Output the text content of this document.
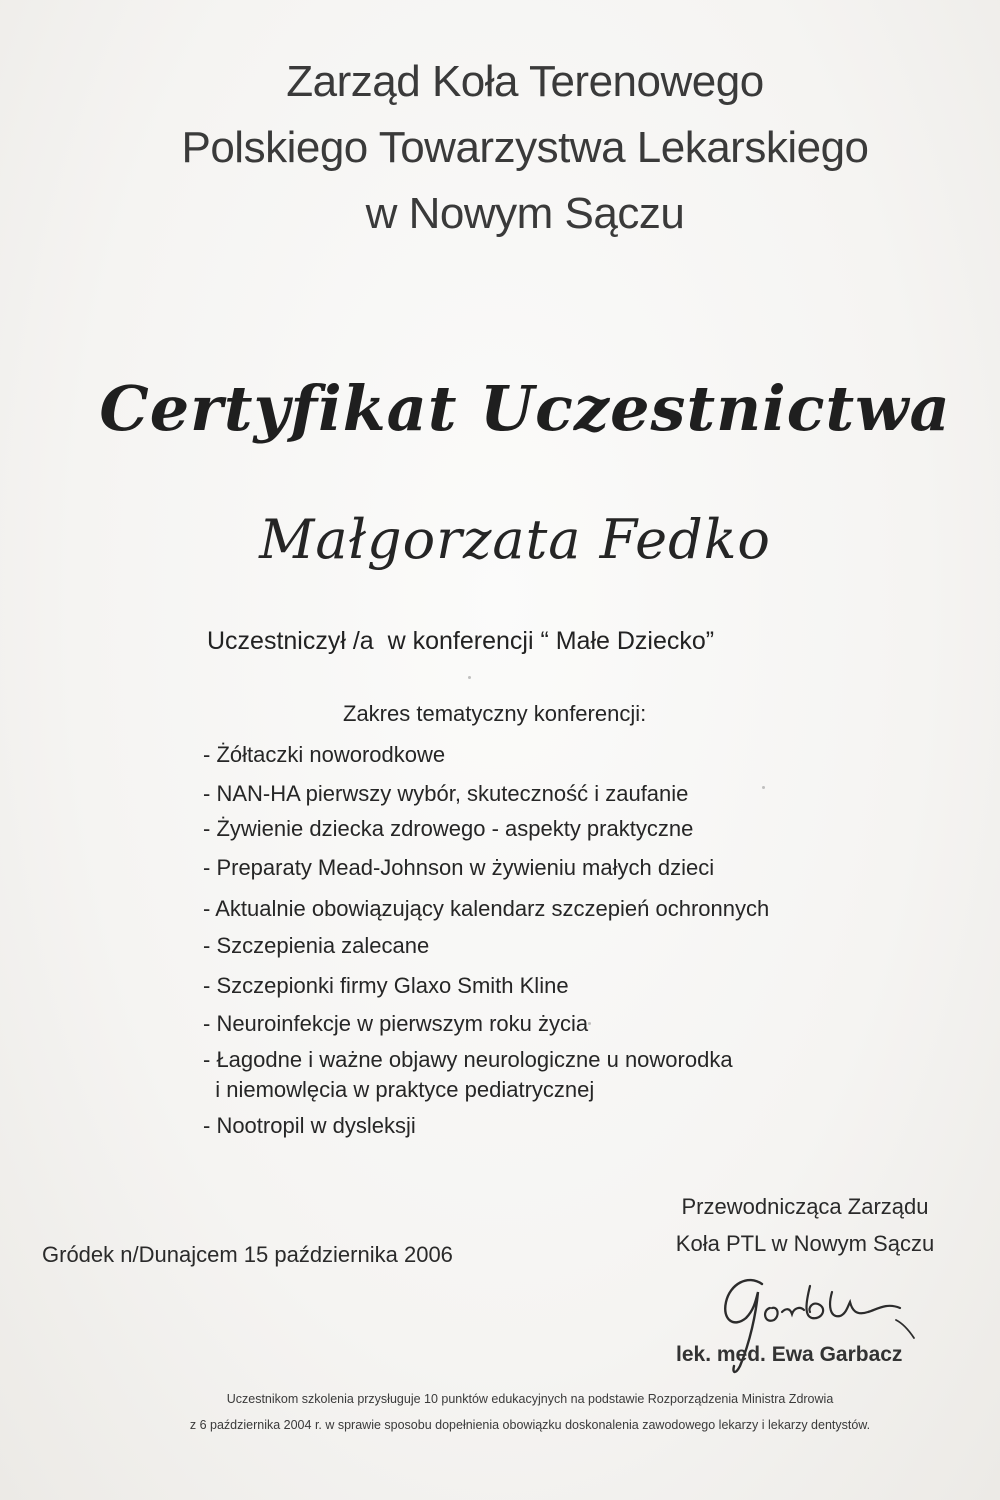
Zarząd Koła Terenowego
Polskiego Towarzystwa Lekarskiego
w Nowym Sączu
Certyfikat Uczestnictwa
Małgorzata Fedko
Uczestniczył /a  w konferencji “ Małe Dziecko”
Zakres tematyczny konferencji:
- Żółtaczki noworodkowe
- NAN-HA pierwszy wybór, skuteczność i zaufanie
- Żywienie dziecka zdrowego - aspekty praktyczne
- Preparaty Mead-Johnson w żywieniu małych dzieci
- Aktualnie obowiązujący kalendarz szczepień ochronnych
- Szczepienia zalecane
- Szczepionki firmy Glaxo Smith Kline
- Neuroinfekcje w pierwszym roku życia
- Łagodne i ważne objawy neurologiczne u noworodka
i niemowlęcia w praktyce pediatrycznej
- Nootropil w dysleksji
Przewodnicząca Zarządu
Koła PTL w Nowym Sączu
Gródek n/Dunajcem 15 października 2006
lek. med. Ewa Garbacz
Uczestnikom szkolenia przysługuje 10 punktów edukacyjnych na podstawie Rozporządzenia Ministra Zdrowia
z 6 października 2004 r. w sprawie sposobu dopełnienia obowiązku doskonalenia zawodowego lekarzy i lekarzy dentystów.
